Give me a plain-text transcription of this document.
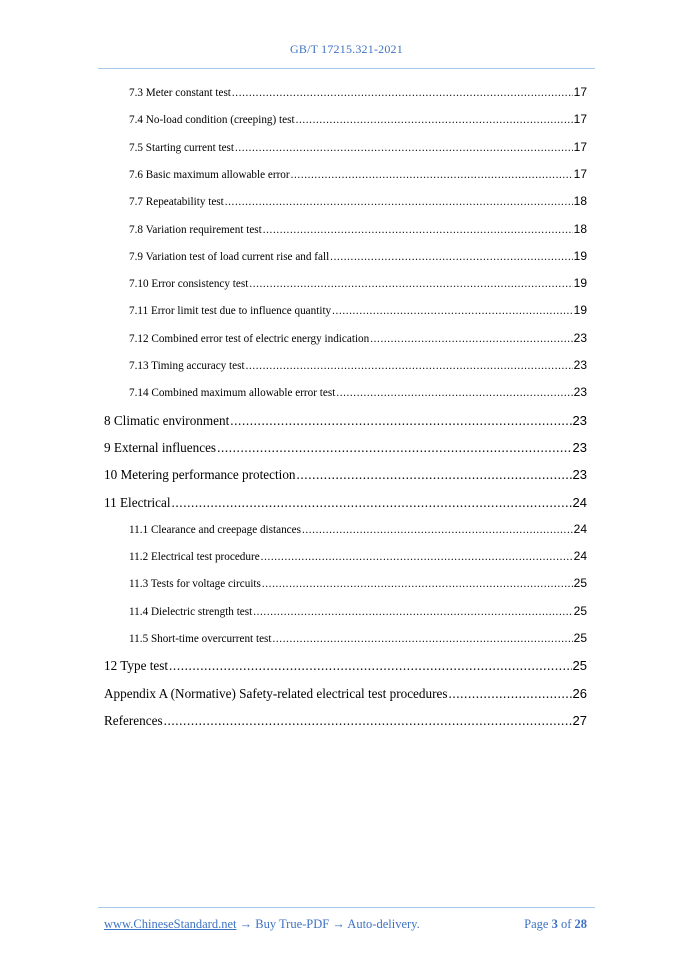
GB/T 17215.321-2021
7.3 Meter constant test .....	17
7.4 No-load condition (creeping) test .....	17
7.5 Starting current test .....	17
7.6 Basic maximum allowable error .....	17
7.7 Repeatability test .....	18
7.8 Variation requirement test .....	18
7.9 Variation test of load current rise and fall .....	19
7.10 Error consistency test .....	19
7.11 Error limit test due to influence quantity .....	19
7.12 Combined error test of electric energy indication .....	23
7.13 Timing accuracy test .....	23
7.14 Combined maximum allowable error test .....	23
8 Climatic environment .....	23
9 External influences .....	23
10 Metering performance protection .....	23
11 Electrical .....	24
11.1 Clearance and creepage distances .....	24
11.2 Electrical test procedure .....	24
11.3 Tests for voltage circuits .....	25
11.4 Dielectric strength test .....	25
11.5 Short-time overcurrent test .....	25
12 Type test .....	25
Appendix A (Normative) Safety-related electrical test procedures .....	26
References .....	27
www.ChineseStandard.net → Buy True-PDF → Auto-delivery.	Page 3 of 28
